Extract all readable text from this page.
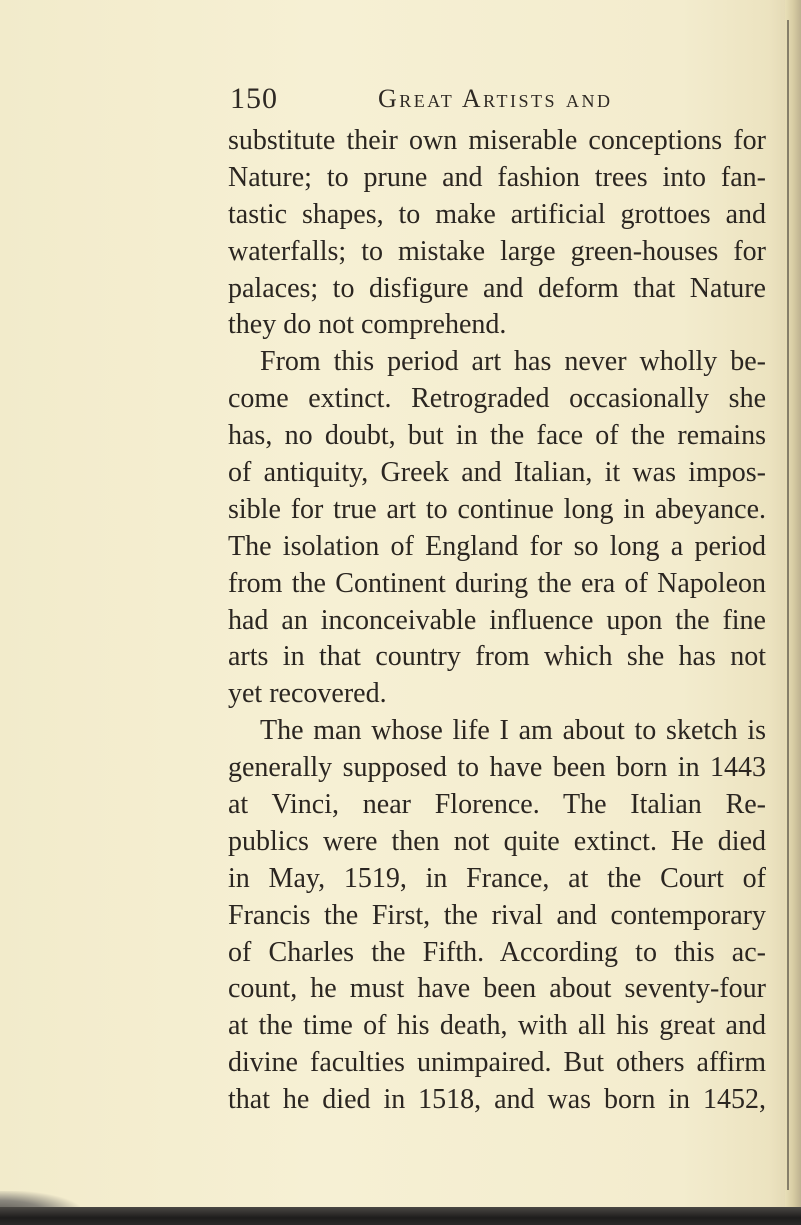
150	Great Artists and
substitute their own miserable conceptions for
Nature; to prune and fashion trees into fan-
tastic shapes, to make artificial grottoes and
waterfalls; to mistake large green-houses for
palaces; to disfigure and deform that Nature
they do not comprehend.
From this period art has never wholly be-
come extinct. Retrograded occasionally she
has, no doubt, but in the face of the remains
of antiquity, Greek and Italian, it was impos-
sible for true art to continue long in abeyance.
The isolation of England for so long a period
from the Continent during the era of Napoleon
had an inconceivable influence upon the fine
arts in that country from which she has not
yet recovered.
The man whose life I am about to sketch is
generally supposed to have been born in 1443
at Vinci, near Florence. The Italian Re-
publics were then not quite extinct. He died
in May, 1519, in France, at the Court of
Francis the First, the rival and contemporary
of Charles the Fifth. According to this ac-
count, he must have been about seventy-four
at the time of his death, with all his great and
divine faculties unimpaired. But others affirm
that he died in 1518, and was born in 1452,
